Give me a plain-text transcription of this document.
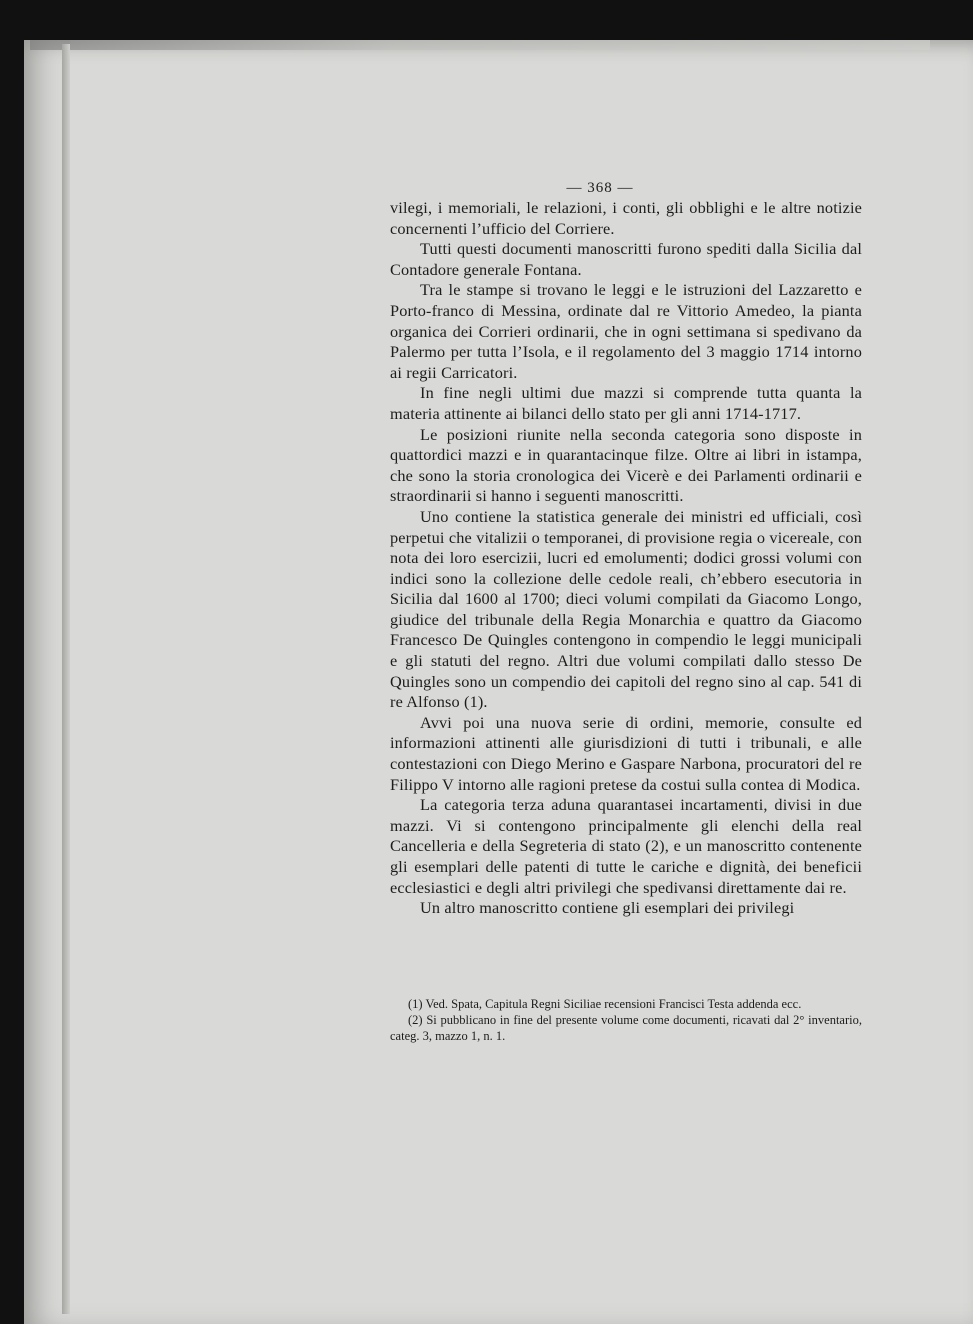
— 368 —

vilegi, i memoriali, le relazioni, i conti, gli obblighi e le altre notizie concernenti l’ufficio del Corriere.

Tutti questi documenti manoscritti furono spediti dalla Sicilia dal Contadore generale Fontana.

Tra le stampe si trovano le leggi e le istruzioni del Lazzaretto e Porto-franco di Messina, ordinate dal re Vittorio Amedeo, la pianta organica dei Corrieri ordinarii, che in ogni settimana si spedivano da Palermo per tutta l’Isola, e il regolamento del 3 maggio 1714 intorno ai regii Carricatori.

In fine negli ultimi due mazzi si comprende tutta quanta la materia attinente ai bilanci dello stato per gli anni 1714-1717.

Le posizioni riunite nella seconda categoria sono disposte in quattordici mazzi e in quarantacinque filze. Oltre ai libri in istampa, che sono la storia cronologica dei Vicerè e dei Parlamenti ordinarii e straordinarii si hanno i seguenti manoscritti.

Uno contiene la statistica generale dei ministri ed ufficiali, così perpetui che vitalizii o temporanei, di provisione regia o vicereale, con nota dei loro esercizii, lucri ed emolumenti; dodici grossi volumi con indici sono la collezione delle cedole reali, ch’ebbero esecutoria in Sicilia dal 1600 al 1700; dieci volumi compilati da Giacomo Longo, giudice del tribunale della Regia Monarchia e quattro da Giacomo Francesco De Quingles contengono in compendio le leggi municipali e gli statuti del regno. Altri due volumi compilati dallo stesso De Quingles sono un compendio dei capitoli del regno sino al cap. 541 di re Alfonso (1).

Avvi poi una nuova serie di ordini, memorie, consulte ed informazioni attinenti alle giurisdizioni di tutti i tribunali, e alle contestazioni con Diego Merino e Gaspare Narbona, procuratori del re Filippo V intorno alle ragioni pretese da costui sulla contea di Modica.

La categoria terza aduna quarantasei incartamenti, divisi in due mazzi. Vi si contengono principalmente gli elenchi della real Cancelleria e della Segreteria di stato (2), e un manoscritto contenente gli esemplari delle patenti di tutte le cariche e dignità, dei beneficii ecclesiastici e degli altri privilegi che spedivansi direttamente dai re.

Un altro manoscritto contiene gli esemplari dei privilegi

(1) Ved. Spata, Capitula Regni Siciliae recensioni Francisci Testa addenda ecc.

(2) Si pubblicano in fine del presente volume come documenti, ricavati dal 2° inventario, categ. 3, mazzo 1, n. 1.
